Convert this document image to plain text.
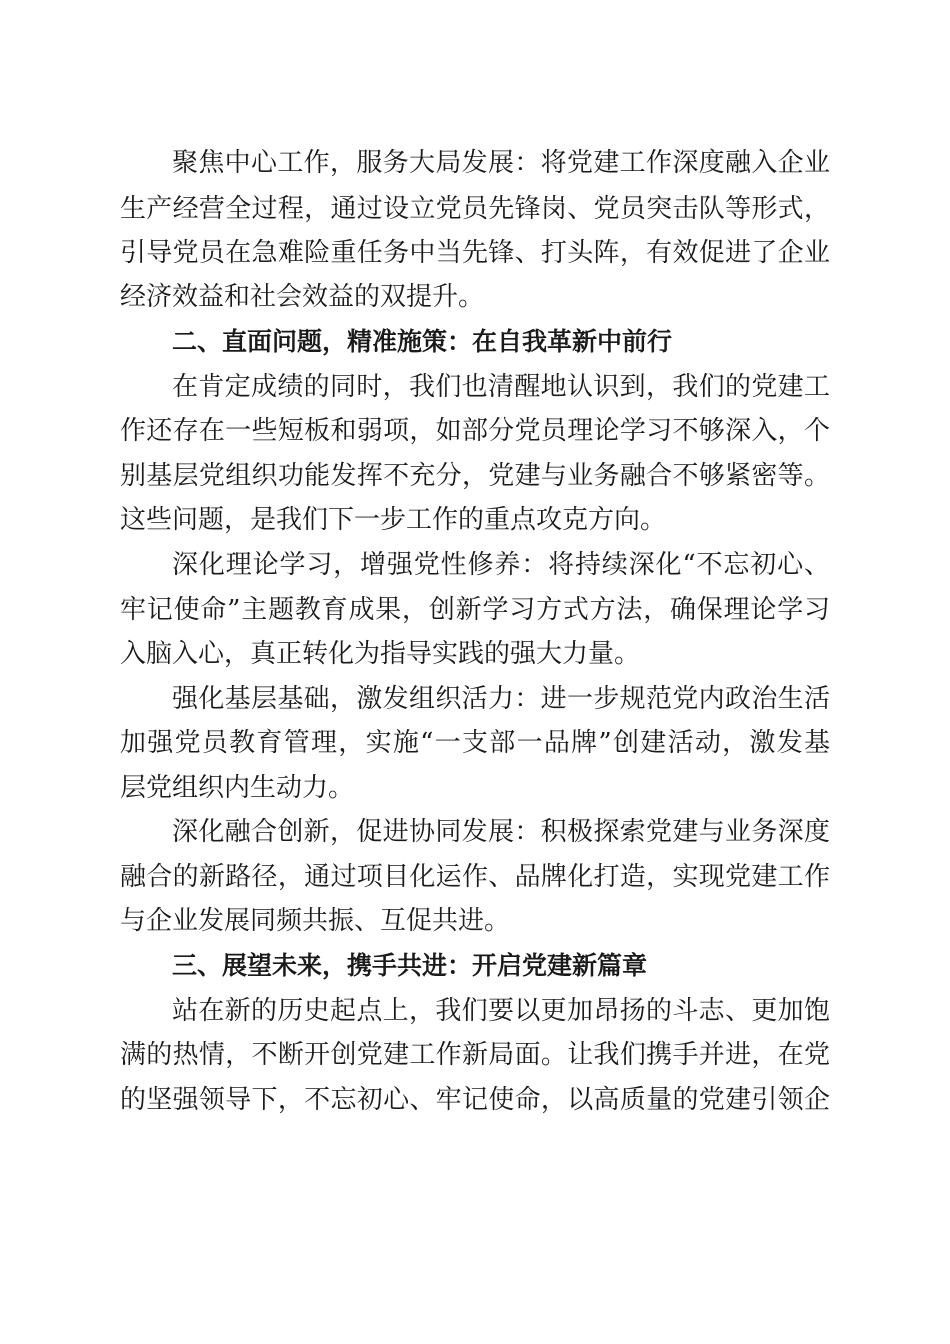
聚焦中心工作，服务大局发展：将党建工作深度融入企业
生产经营全过程，通过设立党员先锋岗、党员突击队等形式，
引导党员在急难险重任务中当先锋、打头阵，有效促进了企业
经济效益和社会效益的双提升。
二、直面问题，精准施策：在自我革新中前行
在肯定成绩的同时，我们也清醒地认识到，我们的党建工
作还存在一些短板和弱项，如部分党员理论学习不够深入，个
别基层党组织功能发挥不充分，党建与业务融合不够紧密等。
这些问题，是我们下一步工作的重点攻克方向。
深化理论学习，增强党性修养：将持续深化“不忘初心、
牢记使命”主题教育成果，创新学习方式方法，确保理论学习
入脑入心，真正转化为指导实践的强大力量。
强化基层基础，激发组织活力：进一步规范党内政治生活
加强党员教育管理，实施“一支部一品牌”创建活动，激发基
层党组织内生动力。
深化融合创新，促进协同发展：积极探索党建与业务深度
融合的新路径，通过项目化运作、品牌化打造，实现党建工作
与企业发展同频共振、互促共进。
三、展望未来，携手共进：开启党建新篇章
站在新的历史起点上，我们要以更加昂扬的斗志、更加饱
满的热情，不断开创党建工作新局面。让我们携手并进，在党
的坚强领导下，不忘初心、牢记使命，以高质量的党建引领企
